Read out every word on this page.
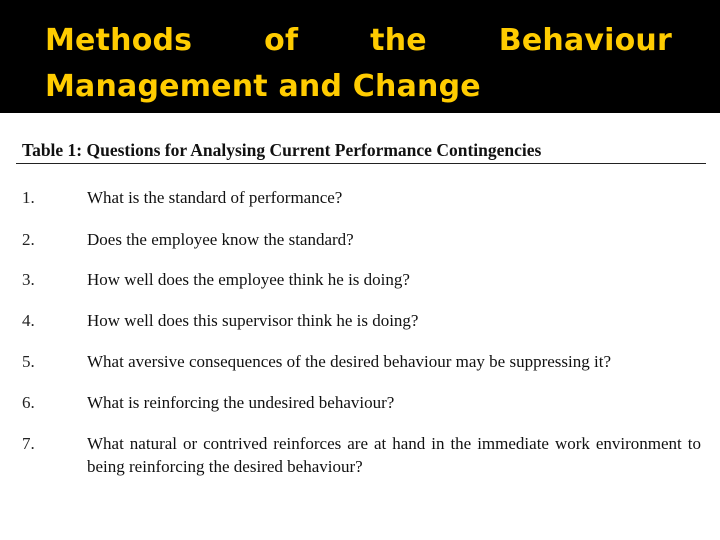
Methods of the Behaviour Management and Change
Table 1: Questions for Analysing Current Performance Contingencies
1.	What is the standard of performance?
2.	Does the employee know the standard?
3.	How well does the employee think he is doing?
4.	How well does this supervisor think he is doing?
5.	What aversive consequences of the desired behaviour may be suppressing it?
6.	What is reinforcing the undesired behaviour?
7.	What natural or contrived reinforces are at hand in the immediate work environment to being reinforcing the desired behaviour?
